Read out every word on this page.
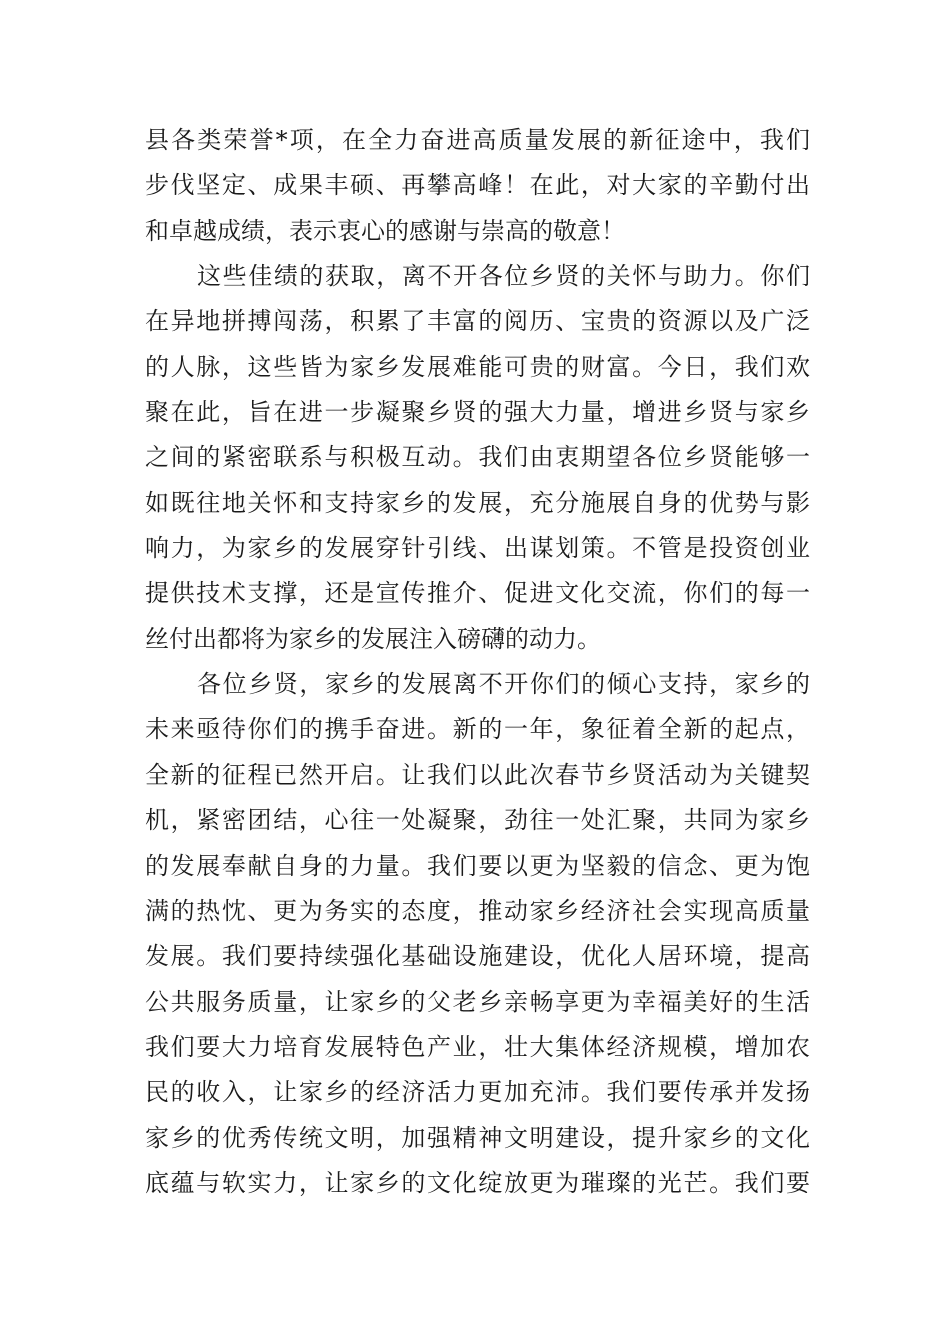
县各类荣誉*项，在全力奋进高质量发展的新征途中，我们
步伐坚定、成果丰硕、再攀高峰！在此，对大家的辛勤付出
和卓越成绩，表示衷心的感谢与崇高的敬意！
这些佳绩的获取，离不开各位乡贤的关怀与助力。你们
在异地拼搏闯荡，积累了丰富的阅历、宝贵的资源以及广泛
的人脉，这些皆为家乡发展难能可贵的财富。今日，我们欢
聚在此，旨在进一步凝聚乡贤的强大力量，增进乡贤与家乡
之间的紧密联系与积极互动。我们由衷期望各位乡贤能够一
如既往地关怀和支持家乡的发展，充分施展自身的优势与影
响力，为家乡的发展穿针引线、出谋划策。不管是投资创业
提供技术支撑，还是宣传推介、促进文化交流，你们的每一
丝付出都将为家乡的发展注入磅礴的动力。
各位乡贤，家乡的发展离不开你们的倾心支持，家乡的
未来亟待你们的携手奋进。新的一年，象征着全新的起点，
全新的征程已然开启。让我们以此次春节乡贤活动为关键契
机，紧密团结，心往一处凝聚，劲往一处汇聚，共同为家乡
的发展奉献自身的力量。我们要以更为坚毅的信念、更为饱
满的热忱、更为务实的态度，推动家乡经济社会实现高质量
发展。我们要持续强化基础设施建设，优化人居环境，提高
公共服务质量，让家乡的父老乡亲畅享更为幸福美好的生活
我们要大力培育发展特色产业，壮大集体经济规模，增加农
民的收入，让家乡的经济活力更加充沛。我们要传承并发扬
家乡的优秀传统文明，加强精神文明建设，提升家乡的文化
底蕴与软实力，让家乡的文化绽放更为璀璨的光芒。我们要
